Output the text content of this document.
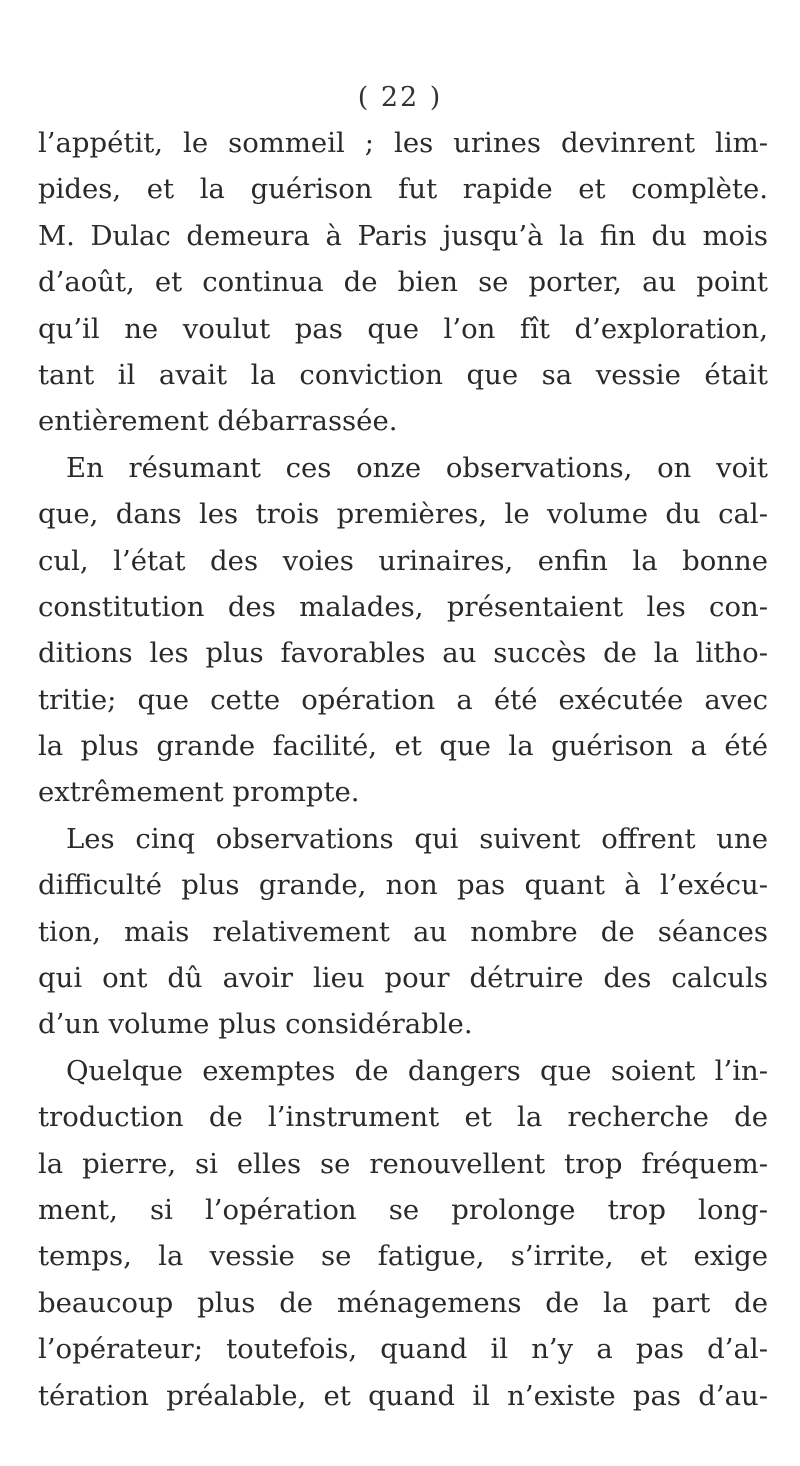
( 22 )
l’appétit, le sommeil ; les urines devinrent lim-
pides, et la guérison fut rapide et complète.
M. Dulac demeura à Paris jusqu’à la fin du mois
d’août, et continua de bien se porter, au point
qu’il ne voulut pas que l’on fît d’exploration,
tant il avait la conviction que sa vessie était
entièrement débarrassée.
En résumant ces onze observations, on voit
que, dans les trois premières, le volume du cal-
cul, l’état des voies urinaires, enfin la bonne
constitution des malades, présentaient les con-
ditions les plus favorables au succès de la litho-
tritie; que cette opération a été exécutée avec
la plus grande facilité, et que la guérison a été
extrêmement prompte.
Les cinq observations qui suivent offrent une
difficulté plus grande, non pas quant à l’exécu-
tion, mais relativement au nombre de séances
qui ont dû avoir lieu pour détruire des calculs
d’un volume plus considérable.
Quelque exemptes de dangers que soient l’in-
troduction de l’instrument et la recherche de
la pierre, si elles se renouvellent trop fréquem-
ment, si l’opération se prolonge trop long-
temps, la vessie se fatigue, s’irrite, et exige
beaucoup plus de ménagemens de la part de
l’opérateur; toutefois, quand il n’y a pas d’al-
tération préalable, et quand il n’existe pas d’au-
